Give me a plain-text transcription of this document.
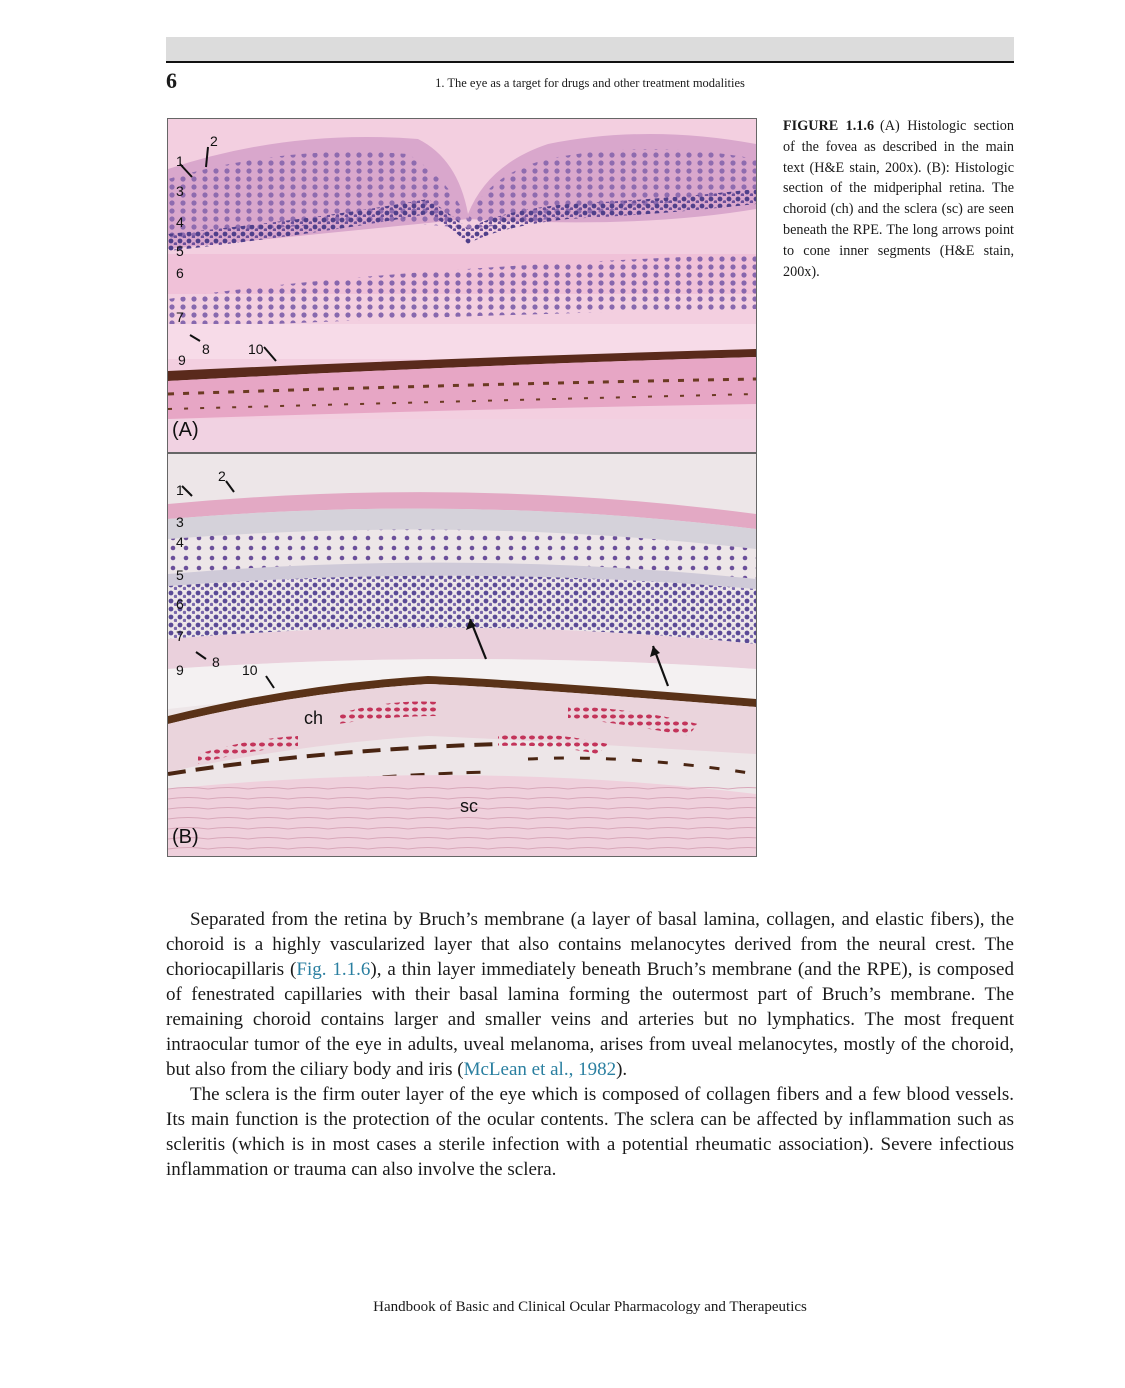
6	1. The eye as a target for drugs and other treatment modalities
2
1
3
4
5
6
7
8
9
10
(A)
2
1
3
4
5
6
7
8
9	10
ch
sc
(B)
FIGURE 1.1.6 (A) Histologic section of the fovea as described in the main text (H&E stain, 200x). (B): Histologic section of the midperiphal retina. The choroid (ch) and the sclera (sc) are seen beneath the RPE. The long arrows point to cone inner segments (H&E stain, 200x).

Separated from the retina by Bruch’s membrane (a layer of basal lamina, collagen, and elastic fibers), the choroid is a highly vascularized layer that also contains melanocytes derived from the neural crest. The choriocapillaris (Fig. 1.1.6), a thin layer immediately beneath Bruch’s membrane (and the RPE), is composed of fenestrated capillaries with their basal lamina forming the outermost part of Bruch’s membrane. The remaining choroid contains larger and smaller veins and arteries but no lymphatics. The most frequent intraocular tumor of the eye in adults, uveal melanoma, arises from uveal melanocytes, mostly of the choroid, but also from the ciliary body and iris (McLean et al., 1982).

The sclera is the firm outer layer of the eye which is composed of collagen fibers and a few blood vessels. Its main function is the protection of the ocular contents. The sclera can be affected by inflammation such as scleritis (which is in most cases a sterile infection with a potential rheumatic association). Severe infectious inflammation or trauma can also involve the sclera.

Handbook of Basic and Clinical Ocular Pharmacology and Therapeutics
